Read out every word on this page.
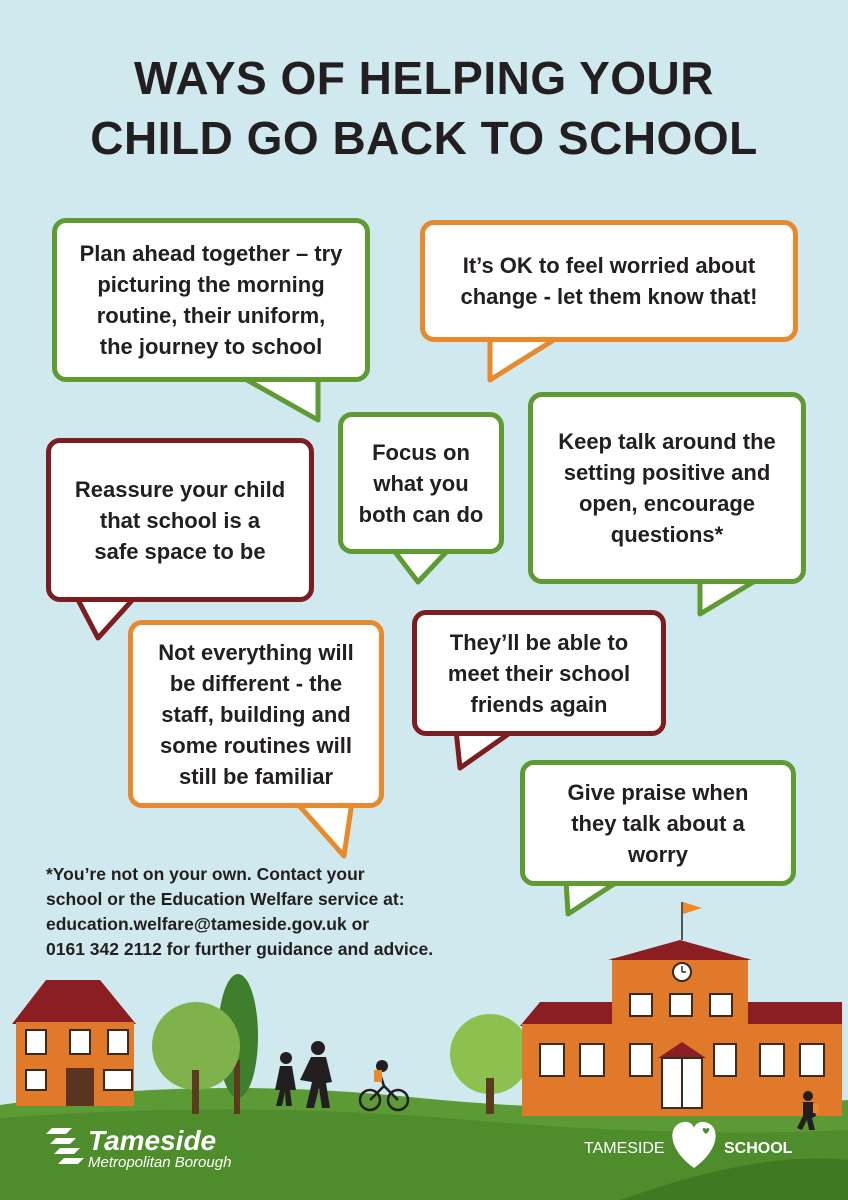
WAYS OF HELPING YOUR
CHILD GO BACK TO SCHOOL
Plan ahead together – try
picturing the morning
routine, their uniform,
the journey to school
It’s OK to feel worried about
change - let them know that!
Reassure your child
that school is a
safe space to be
Focus on
what you
both can do
Keep talk around the
setting positive and
open, encourage
questions*
Not everything will
be different - the
staff, building and
some routines will
still be familiar
They’ll be able to
meet their school
friends again
Give praise when
they talk about a
worry
*You’re not on your own. Contact your
school or the Education Welfare service at:
education.welfare@tameside.gov.uk or
0161 342 2112 for further guidance and advice.
Tameside
Metropolitan Borough
TAMESIDE	SCHOOL
